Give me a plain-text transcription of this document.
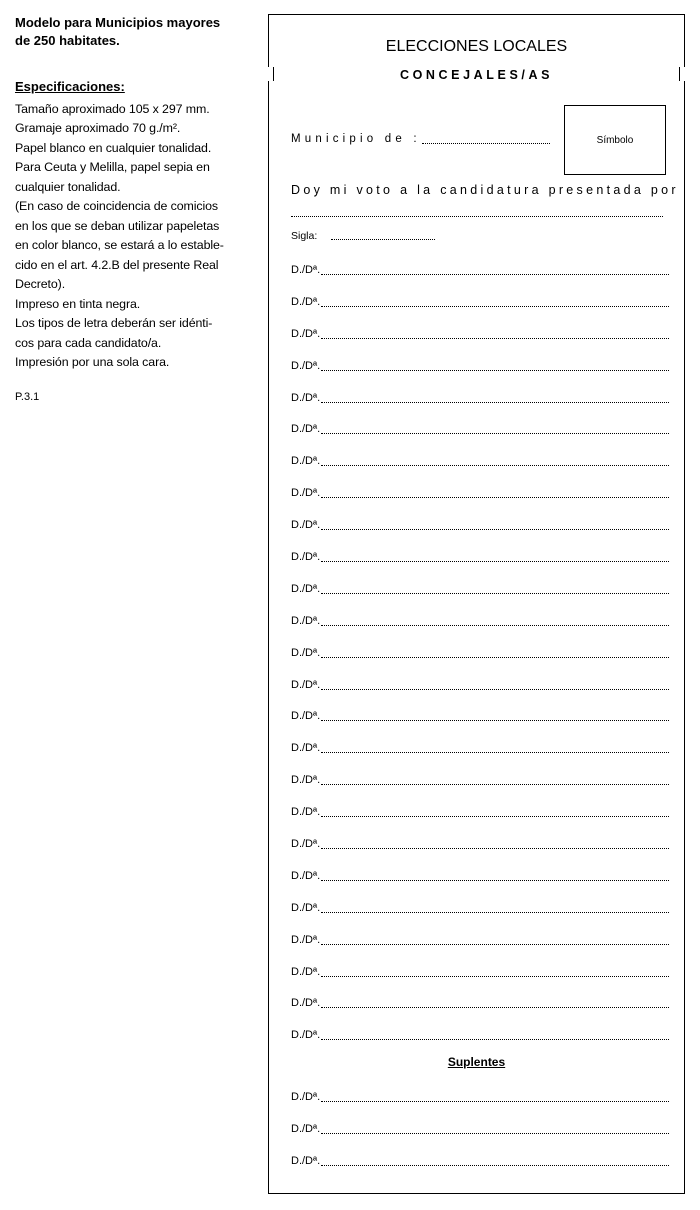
Modelo para Municipios mayores
de 250 habitates.
Especificaciones:
Tamaño aproximado 105 x 297 mm.
Gramaje aproximado 70 g./m².
Papel blanco en cualquier tonalidad.
Para Ceuta y Melilla, papel sepia en
cualquier tonalidad.
(En caso de coincidencia de comicios
en los que se deban utilizar papeletas
en color blanco, se estará a lo estable-
cido en el art. 4.2.B del presente Real
Decreto).
Impreso en tinta negra.
Los tipos de letra deberán ser idénti-
cos para cada candidato/a.
Impresión por una sola cara.
P.3.1
ELECCIONES LOCALES
CONCEJALES/AS
Municipio de :	Símbolo
Doy mi voto a la candidatura presentada por
Sigla:
D./Dª.
D./Dª.
D./Dª.
D./Dª.
D./Dª.
D./Dª.
D./Dª.
D./Dª.
D./Dª.
D./Dª.
D./Dª.
D./Dª.
D./Dª.
D./Dª.
D./Dª.
D./Dª.
D./Dª.
D./Dª.
D./Dª.
D./Dª.
D./Dª.
D./Dª.
D./Dª.
D./Dª.
D./Dª.
Suplentes
D./Dª.
D./Dª.
D./Dª.
